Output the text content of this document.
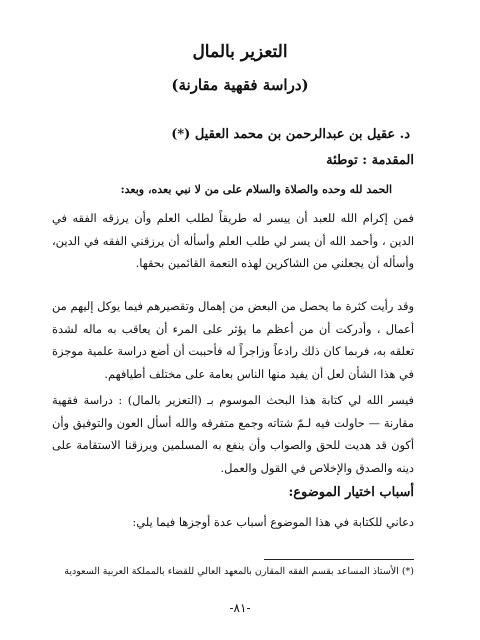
التعزير بالمال
(دراسة فقهية مقارنة)

د. عقيل بن عبدالرحمن بن محمد العقيل (*)

المقدمة : توطئة

الحمد لله وحده والصلاة والسلام على من لا نبي بعده، وبعد:

فمن إكرام الله للعبد أن ييسر له طريقاً لطلب العلم وأن يرزقه الفقه في الدين ، وأحمد الله أن يسر لي طلب العلم وأسأله أن يرزقني الفقه في الدين، وأسأله أن يجعلني من الشاكرين لهذه النعمة القائمين بحقها.

وقد رأيت كثرة ما يحصل من البعض من إهمال وتقصيرهم فيما يوكل إليهم من أعمال ، وأدركت أن من أعظم ما يؤثر على المرء أن يعاقب به ماله لشدة تعلقه به، فربما كان ذلك رادعاً وزاجراً له فأحببت أن أضع دراسة علمية موجزة في هذا الشأن لعل أن يفيد منها الناس بعامة على مختلف أطيافهم.

فيسر الله لي كتابة هذا البحث الموسوم بـ (التعزير بالمال) : دراسة فقهية مقارنة — حاولت فيه لـمّ شتاته وجمع متفرقه والله أسأل العون والتوفيق وأن أكون قد هديت للحق والصواب وأن ينفع به المسلمين ويرزقنا الاستقامة على دينه والصدق والإخلاص في القول والعمل.

أسباب اختيار الموضوع:

دعاني للكتابة في هذا الموضوع أسباب عدة أوجزها فيما يلي:

(*) الأستاذ المساعد بقسم الفقه المقارن بالمعهد العالي للقضاء بالمملكة العربية السعودية

-٨١-
